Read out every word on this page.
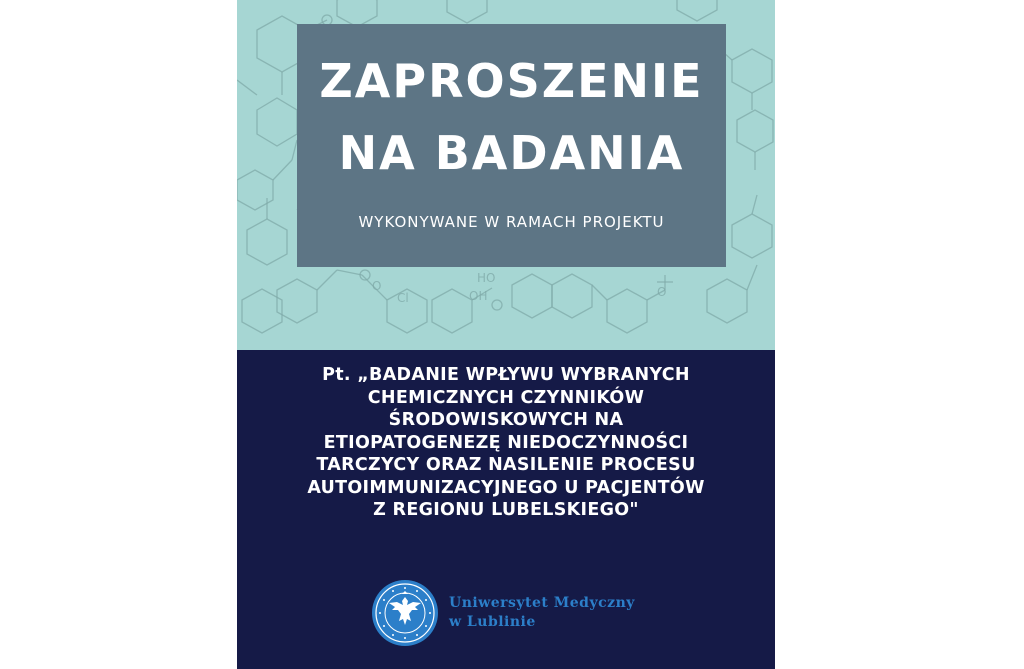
HO
OH
Cl
O	O
ZAPROSZENIE
NA BADANIA
WYKONYWANE W RAMACH PROJEKTU
Pt. „BADANIE WPŁYWU WYBRANYCH
CHEMICZNYCH CZYNNIKÓW
ŚRODOWISKOWYCH NA
ETIOPATOGENEZĘ NIEDOCZYNNOŚCI
TARCZYCY ORAZ NASILENIE PROCESU
AUTOIMMUNIZACYJNEGO U PACJENTÓW
Z REGIONU LUBELSKIEGO"
Uniwersytet Medyczny
w Lublinie
